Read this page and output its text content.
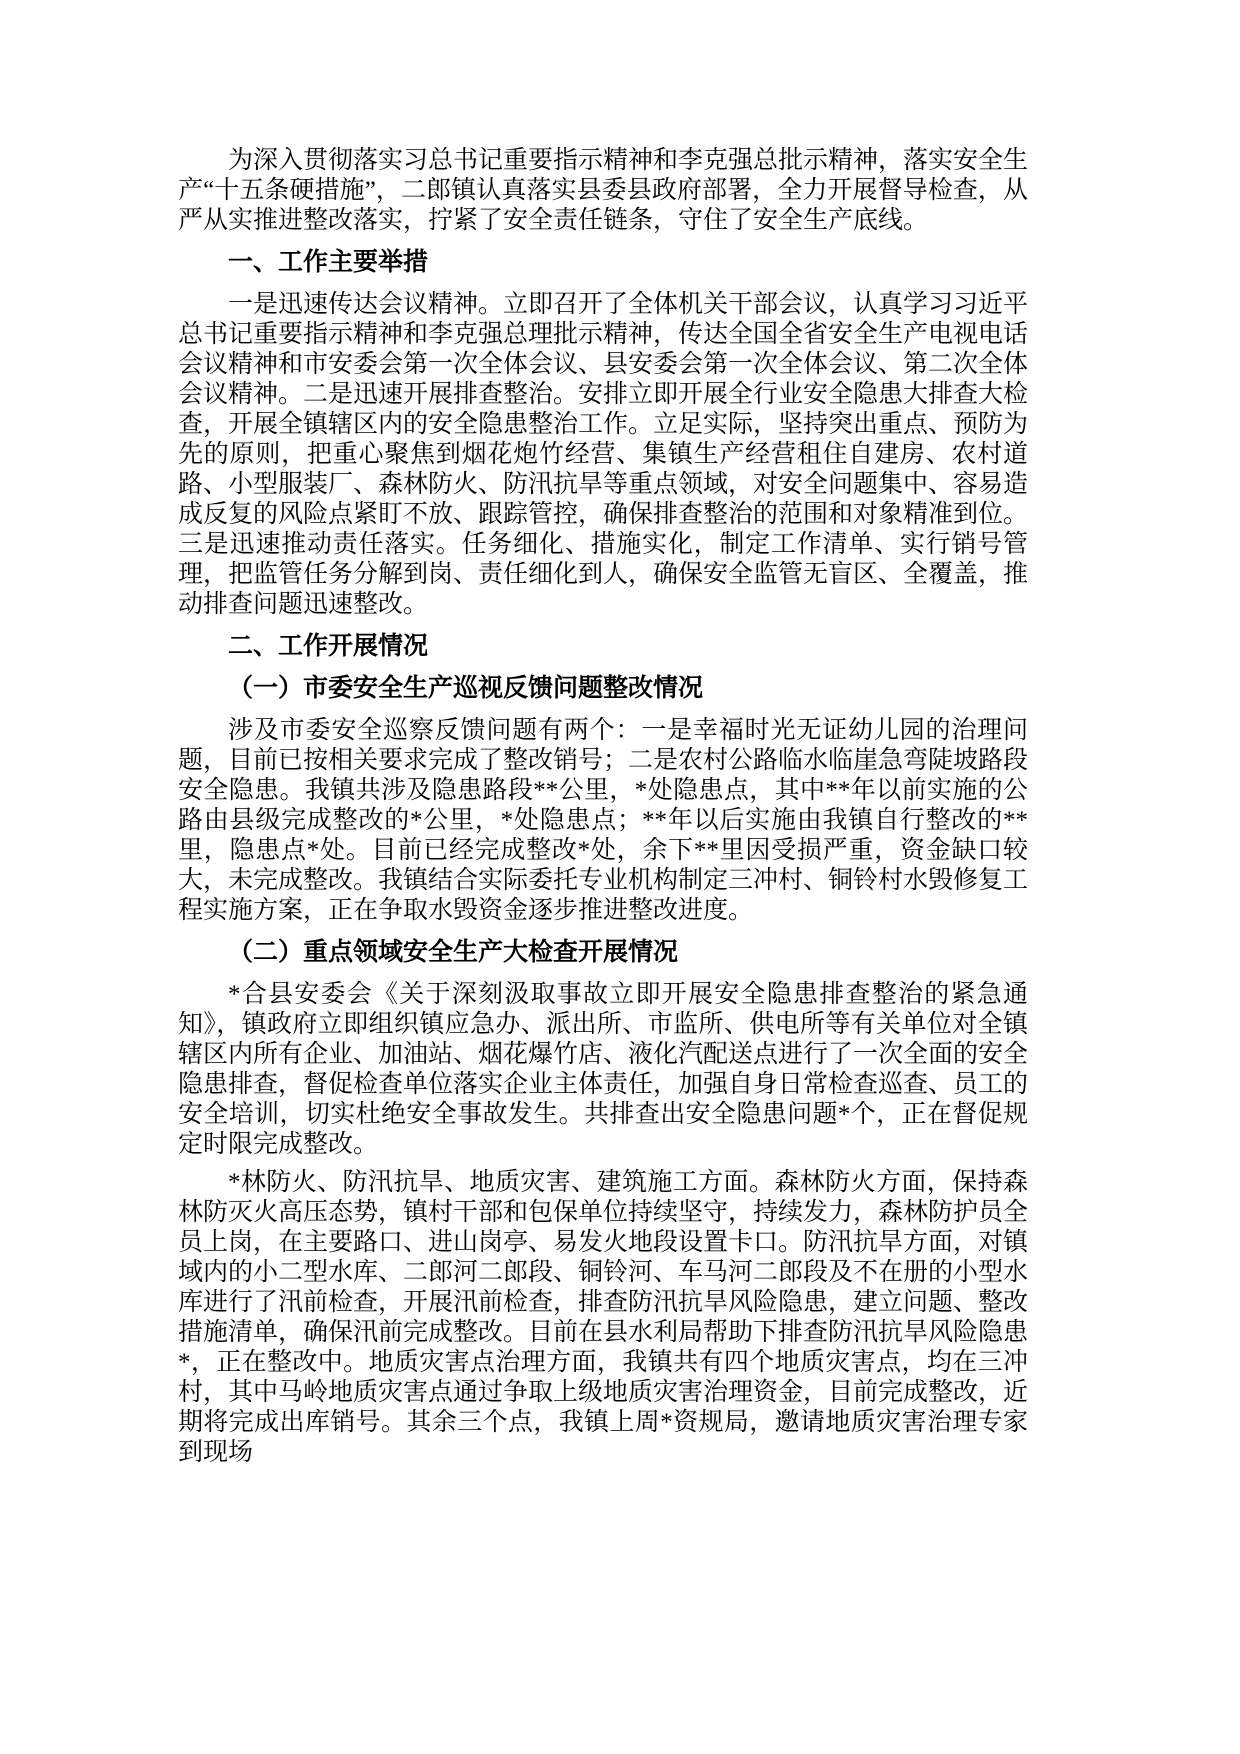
为深入贯彻落实习总书记重要指示精神和李克强总批示精神，落实安全生产“十五条硬措施”，二郎镇认真落实县委县政府部署，全力开展督导检查，从严从实推进整改落实，拧紧了安全责任链条，守住了安全生产底线。

一、工作主要举措

一是迅速传达会议精神。立即召开了全体机关干部会议，认真学习习近平总书记重要指示精神和李克强总理批示精神，传达全国全省安全生产电视电话会议精神和市安委会第一次全体会议、县安委会第一次全体会议、第二次全体会议精神。二是迅速开展排查整治。安排立即开展全行业安全隐患大排查大检查，开展全镇辖区内的安全隐患整治工作。立足实际，坚持突出重点、预防为先的原则，把重心聚焦到烟花炮竹经营、集镇生产经营租住自建房、农村道路、小型服装厂、森林防火、防汛抗旱等重点领域，对安全问题集中、容易造成反复的风险点紧盯不放、跟踪管控，确保排查整治的范围和对象精准到位。三是迅速推动责任落实。任务细化、措施实化，制定工作清单、实行销号管理，把监管任务分解到岗、责任细化到人，确保安全监管无盲区、全覆盖，推动排查问题迅速整改。

二、工作开展情况
（一）市委安全生产巡视反馈问题整改情况

涉及市委安全巡察反馈问题有两个：一是幸福时光无证幼儿园的治理问题，目前已按相关要求完成了整改销号；二是农村公路临水临崖急弯陡坡路段安全隐患。我镇共涉及隐患路段**公里，*处隐患点，其中**年以前实施的公路由县级完成整改的*公里，*处隐患点；**年以后实施由我镇自行整改的**里，隐患点*处。目前已经完成整改*处，余下**里因受损严重，资金缺口较大，未完成整改。我镇结合实际委托专业机构制定三冲村、铜铃村水毁修复工程实施方案，正在争取水毁资金逐步推进整改进度。

（二）重点领域安全生产大检查开展情况

*合县安委会《关于深刻汲取事故立即开展安全隐患排查整治的紧急通知》，镇政府立即组织镇应急办、派出所、市监所、供电所等有关单位对全镇辖区内所有企业、加油站、烟花爆竹店、液化汽配送点进行了一次全面的安全隐患排查，督促检查单位落实企业主体责任，加强自身日常检查巡查、员工的安全培训，切实杜绝安全事故发生。共排查出安全隐患问题*个，正在督促规定时限完成整改。

*林防火、防汛抗旱、地质灾害、建筑施工方面。森林防火方面，保持森林防灭火高压态势，镇村干部和包保单位持续坚守，持续发力，森林防护员全员上岗，在主要路口、进山岗亭、易发火地段设置卡口。防汛抗旱方面，对镇域内的小二型水库、二郎河二郎段、铜铃河、车马河二郎段及不在册的小型水库进行了汛前检查，开展汛前检查，排查防汛抗旱风险隐患，建立问题、整改措施清单，确保汛前完成整改。目前在县水利局帮助下排查防汛抗旱风险隐患*，正在整改中。地质灾害点治理方面，我镇共有四个地质灾害点，均在三冲村，其中马岭地质灾害点通过争取上级地质灾害治理资金，目前完成整改，近期将完成出库销号。其余三个点，我镇上周*资规局，邀请地质灾害治理专家到现场
